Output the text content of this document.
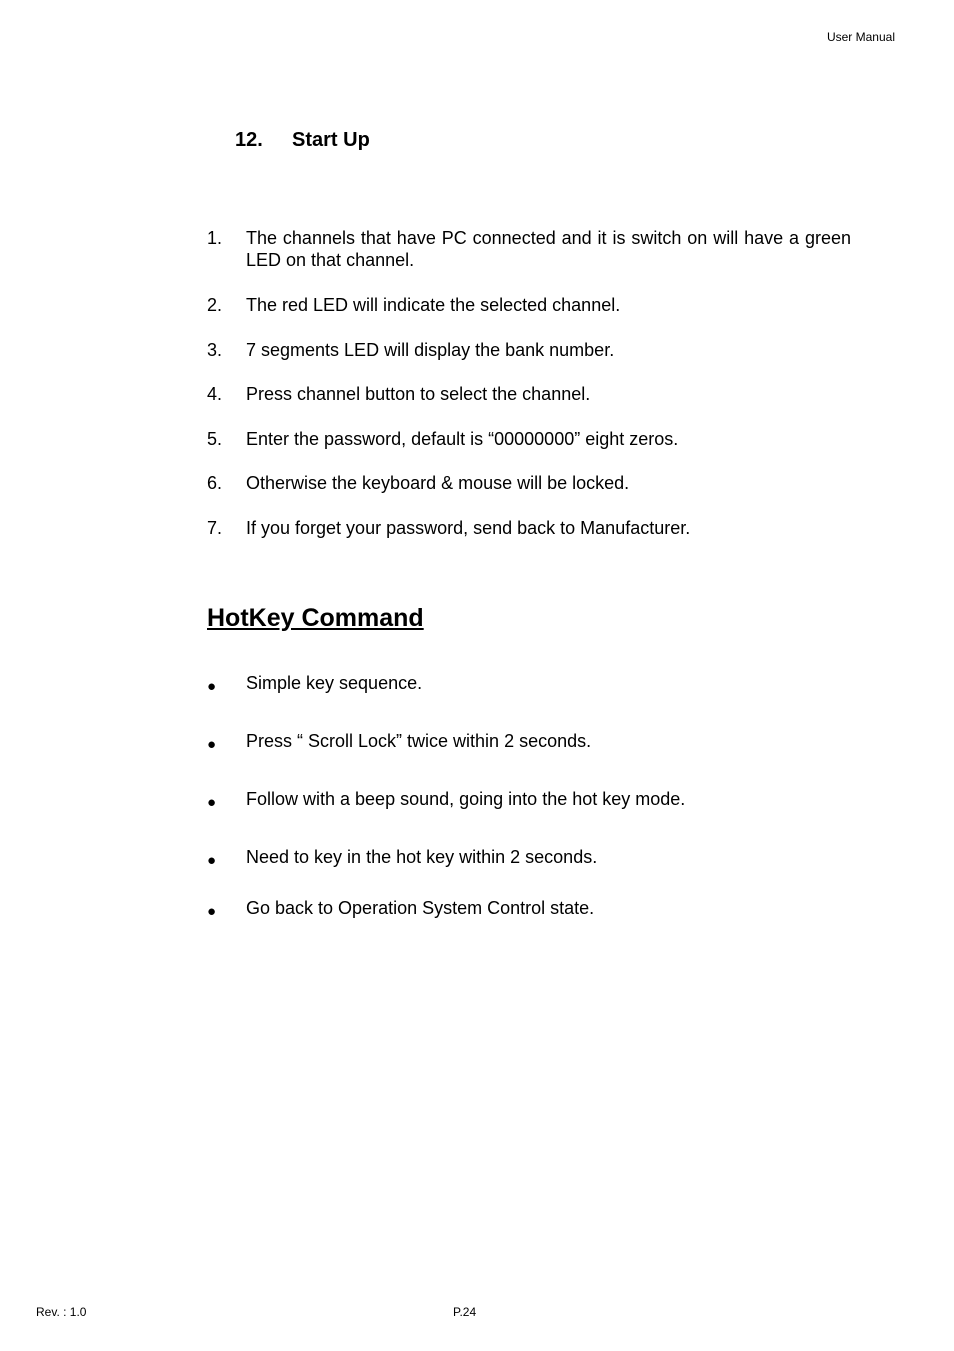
User Manual
12. Start Up
1. The channels that have PC connected and it is switch on will have a green LED on that channel.
2. The red LED will indicate the selected channel.
3. 7 segments LED will display the bank number.
4. Press channel button to select the channel.
5. Enter the password, default is “00000000” eight zeros.
6. Otherwise the keyboard & mouse will be locked.
7. If you forget your password, send back to Manufacturer.
HotKey Command
● Simple key sequence.
● Press “ Scroll Lock” twice within 2 seconds.
● Follow with a beep sound, going into the hot key mode.
● Need to key in the hot key within 2 seconds.
● Go back to Operation System Control state.
Rev. : 1.0	P.24
